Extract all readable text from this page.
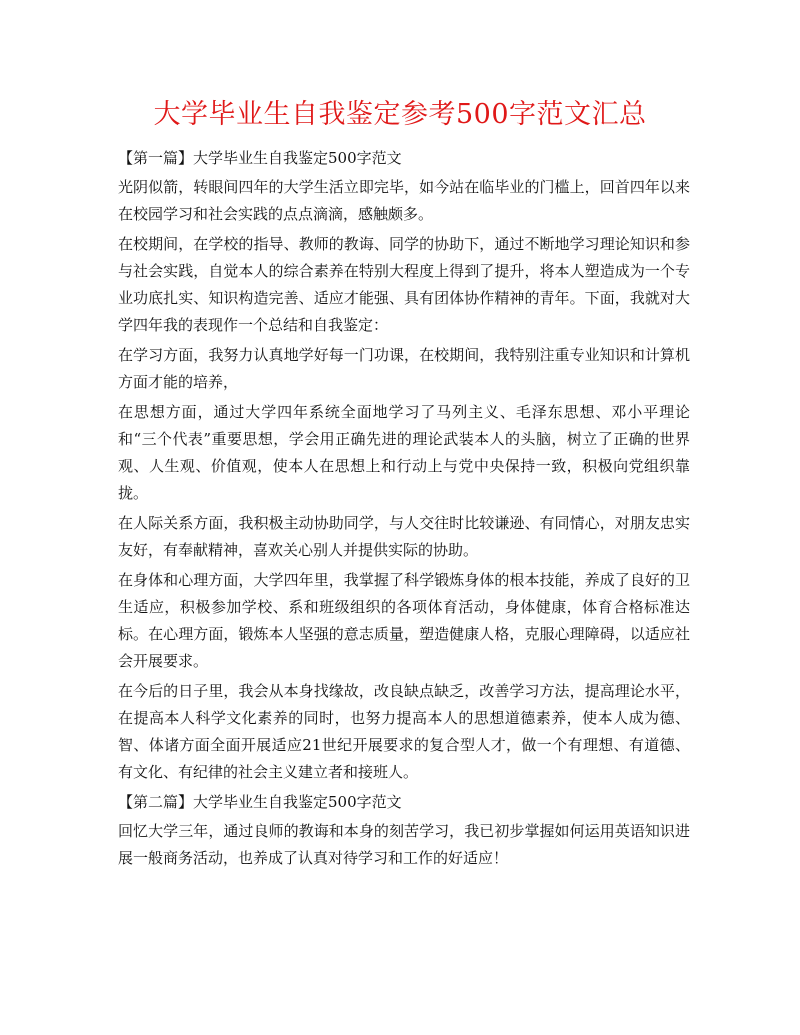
大学毕业生自我鉴定参考500字范文汇总

【第一篇】大学毕业生自我鉴定500字范文

光阴似箭，转眼间四年的大学生活立即完毕，如今站在临毕业的门槛上，回首四年以来在校园学习和社会实践的点点滴滴，感触颇多。

在校期间，在学校的指导、教师的教诲、同学的协助下，通过不断地学习理论知识和参与社会实践，自觉本人的综合素养在特别大程度上得到了提升，将本人塑造成为一个专业功底扎实、知识构造完善、适应才能强、具有团体协作精神的青年。下面，我就对大学四年我的表现作一个总结和自我鉴定：

在学习方面，我努力认真地学好每一门功课，在校期间，我特别注重专业知识和计算机方面才能的培养，

在思想方面，通过大学四年系统全面地学习了马列主义、毛泽东思想、邓小平理论和“三个代表”重要思想，学会用正确先进的理论武装本人的头脑，树立了正确的世界观、人生观、价值观，使本人在思想上和行动上与党中央保持一致，积极向党组织靠拢。

在人际关系方面，我积极主动协助同学，与人交往时比较谦逊、有同情心，对朋友忠实友好，有奉献精神，喜欢关心别人并提供实际的协助。

在身体和心理方面，大学四年里，我掌握了科学锻炼身体的根本技能，养成了良好的卫生适应，积极参加学校、系和班级组织的各项体育活动，身体健康，体育合格标准达标。在心理方面，锻炼本人坚强的意志质量，塑造健康人格，克服心理障碍，以适应社会开展要求。

在今后的日子里，我会从本身找缘故，改良缺点缺乏，改善学习方法，提高理论水平，在提高本人科学文化素养的同时，也努力提高本人的思想道德素养，使本人成为德、智、体诸方面全面开展适应21世纪开展要求的复合型人才，做一个有理想、有道德、有文化、有纪律的社会主义建立者和接班人。

【第二篇】大学毕业生自我鉴定500字范文

回忆大学三年，通过良师的教诲和本身的刻苦学习，我已初步掌握如何运用英语知识进展一般商务活动，也养成了认真对待学习和工作的好适应！
